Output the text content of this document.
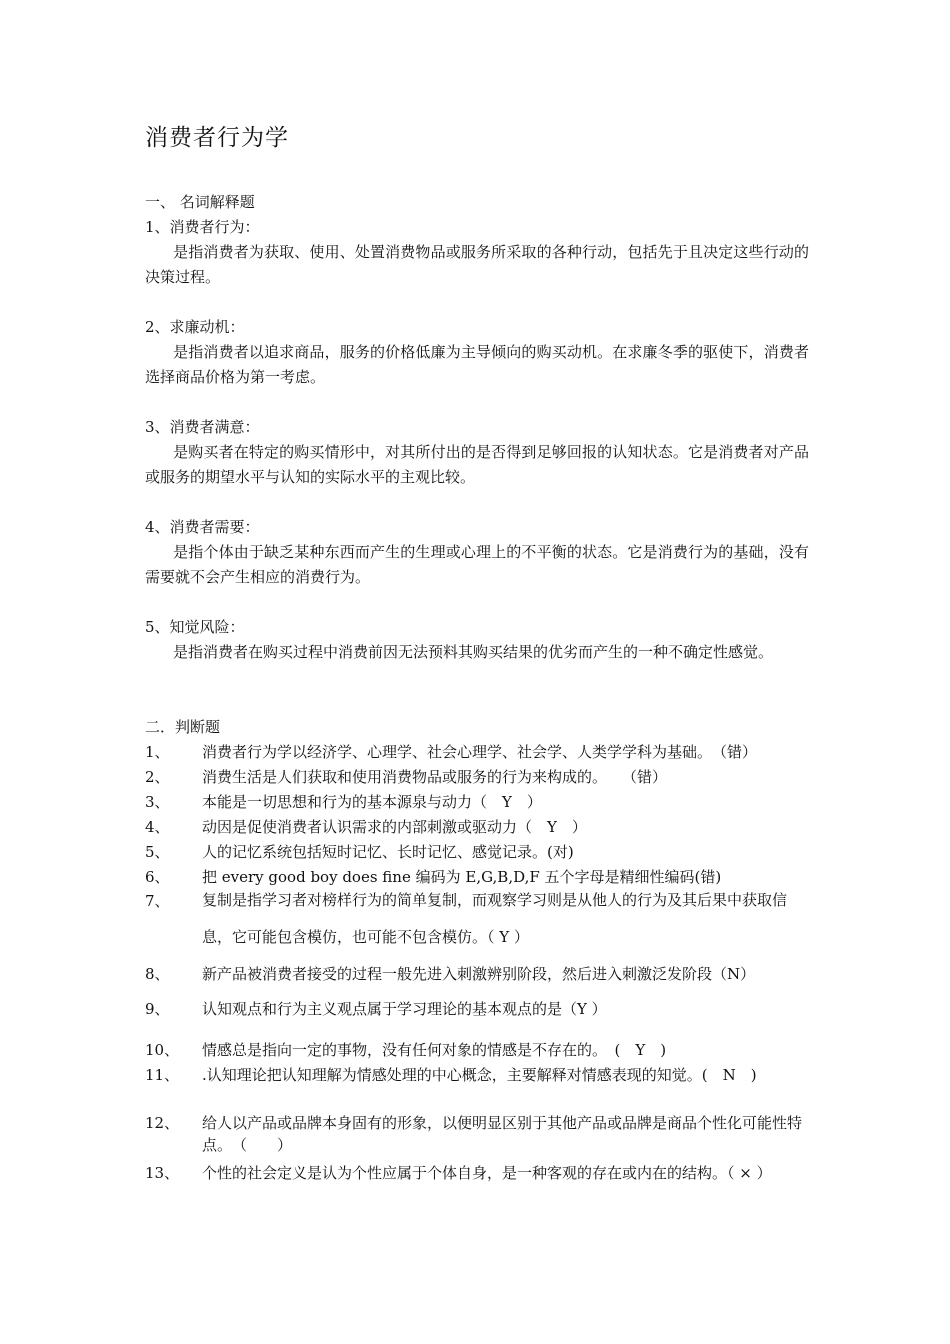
消费者行为学
一、 名词解释题
1、消费者行为：
是指消费者为获取、使用、处置消费物品或服务所采取的各种行动，包括先于且决定这些行动的决策过程。
2、求廉动机：
是指消费者以追求商品，服务的价格低廉为主导倾向的购买动机。在求廉冬季的驱使下，消费者选择商品价格为第一考虑。
3、消费者满意：
是购买者在特定的购买情形中，对其所付出的是否得到足够回报的认知状态。它是消费者对产品或服务的期望水平与认知的实际水平的主观比较。
4、消费者需要：
是指个体由于缺乏某种东西而产生的生理或心理上的不平衡的状态。它是消费行为的基础，没有需要就不会产生相应的消费行为。
5、知觉风险：
是指消费者在购买过程中消费前因无法预料其购买结果的优劣而产生的一种不确定性感觉。
二．判断题
1、 消费者行为学以经济学、心理学、社会心理学、社会学、人类学学科为基础。　（错）
2、 消费生活是人们获取和使用消费物品或服务的行为来构成的。　　（错）
3、 本能是一切思想和行为的基本源泉与动力（　Y　）
4、 动因是促使消费者认识需求的内部刺激或驱动力（　Y　）
5、 人的记忆系统包括短时记忆、长时记忆、感觉记录。(对)
6、 把 every good boy does fine 编码为 E,G,B,D,F 五个字母是精细性编码(错)
7、 复制是指学习者对榜样行为的简单复制，而观察学习则是从他人的行为及其后果中获取信息，它可能包含模仿，也可能不包含模仿。（ Y ）
8、 新产品被消费者接受的过程一般先进入刺激辨别阶段，然后进入刺激泛发阶段（N）
9、 认知观点和行为主义观点属于学习理论的基本观点的是（Y ）
10、 情感总是指向一定的事物，没有任何对象的情感是不存在的。　(　Y　)
11、 .认知理论把认知理解为情感处理的中心概念，主要解释对情感表现的知觉。(　N　)
12、 给人以产品或品牌本身固有的形象，以便明显区别于其他产品或品牌是商品个性化可能性特点。　（　　）
13、 个性的社会定义是认为个性应属于个体自身，是一种客观的存在或内在的结构。（ × ）
